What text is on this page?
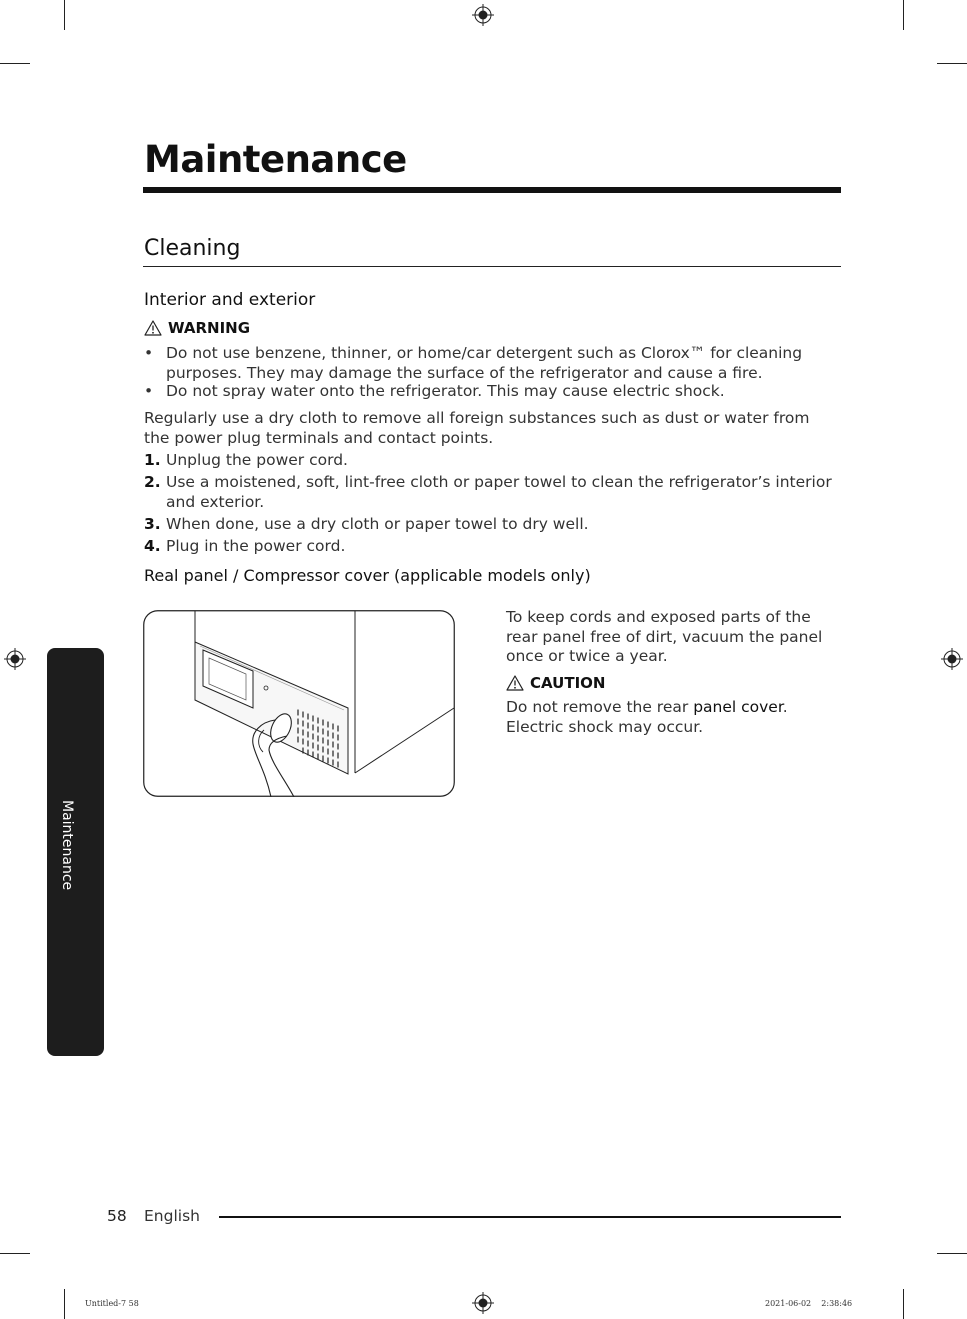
Maintenance
Cleaning
Interior and exterior
WARNING
• Do not use benzene, thinner, or home/car detergent such as Clorox™ for cleaning purposes. They may damage the surface of the refrigerator and cause a fire.
• Do not spray water onto the refrigerator. This may cause electric shock.
Regularly use a dry cloth to remove all foreign substances such as dust or water from the power plug terminals and contact points.
1. Unplug the power cord.
2. Use a moistened, soft, lint-free cloth or paper towel to clean the refrigerator’s interior and exterior.
3. When done, use a dry cloth or paper towel to dry well.
4. Plug in the power cord.
Real panel / Compressor cover (applicable models only)
To keep cords and exposed parts of the rear panel free of dirt, vacuum the panel once or twice a year.
CAUTION
Do not remove the rear panel cover.
Electric shock may occur.
Maintenance
58 English
Untitled-7 58	2021-06-02    2:38:46
